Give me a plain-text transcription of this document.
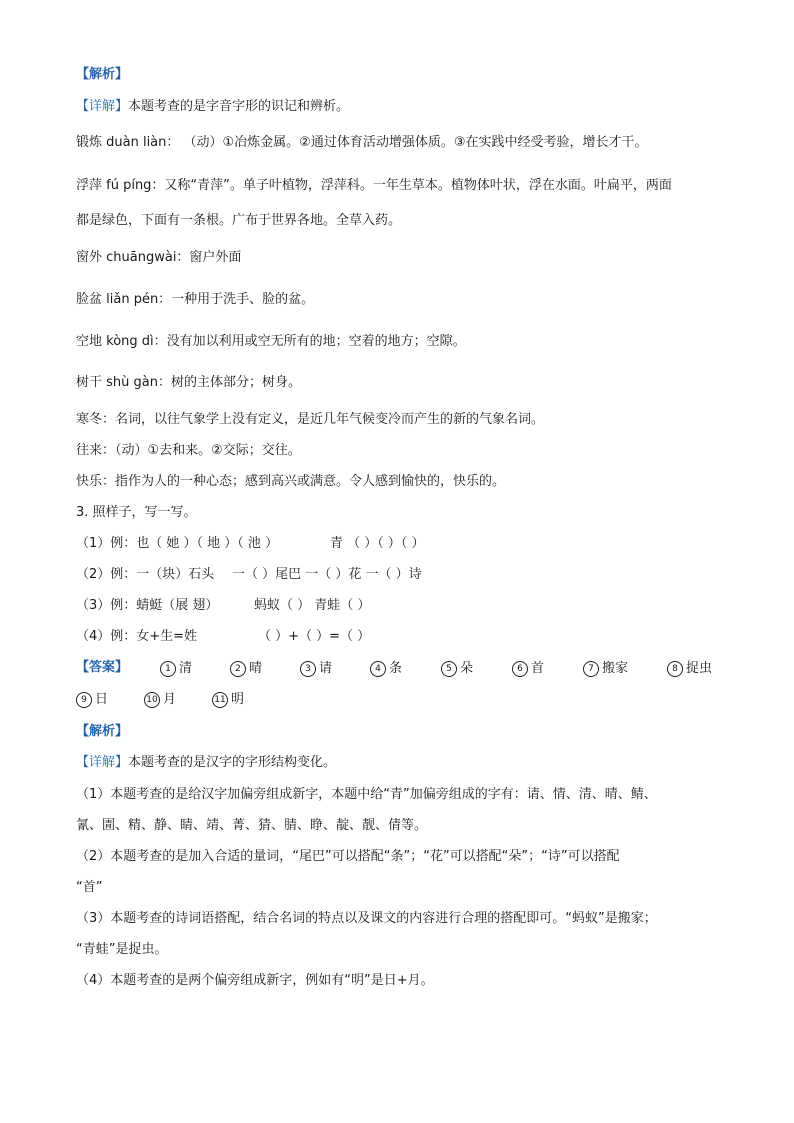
【解析】
【详解】本题考查的是字音字形的识记和辨析。
锻炼 duàn liàn： （动）①冶炼金属。②通过体育活动增强体质。③在实践中经受考验，增长才干。
浮萍 fú píng：又称“青萍”。单子叶植物，浮萍科。一年生草本。植物体叶状，浮在水面。叶扁平，两面
都是绿色，下面有一条根。广布于世界各地。全草入药。
窗外 chuāngwài：窗户外面
脸盆 liǎn pén：一种用于洗手、脸的盆。
空地 kòng dì：没有加以利用或空无所有的地；空着的地方；空隙。
树干 shù gàn：树的主体部分；树身。
寒冬：名词，以往气象学上没有定义，是近几年气候变冷而产生的新的气象名词。
往来：（动）①去和来。②交际；交往。
快乐：指作为人的一种心态；感到高兴或满意。令人感到愉快的，快乐的。
3. 照样子，写一写。
（1）例：也（ 她 ）（ 地 ）（ 池 ）	青 （ ）（ ）（ ）
（2）例：一（块）石头 一（ ）尾巴 一（ ）花 一（ ）诗
（3）例：蜻蜓（展 翅）	蚂蚁（ ） 青蛙（ ）
（4）例：女+生=姓	（ ）+（ ）=（ ）
【答案】	1 清	2 晴	3 请	4 条	5 朵	6 首	7 搬家	8 捉虫
9 日	10 月	11 明
【解析】
【详解】本题考查的是汉字的字形结构变化。
（1）本题考查的是给汉字加偏旁组成新字，本题中给“青”加偏旁组成的字有：请、情、清、晴、鲭、
氰、圊、精、静、睛、靖、菁、猜、腈、睁、靛、靓、倩等。
（2）本题考查的是加入合适的量词，“尾巴”可以搭配“条”；“花”可以搭配“朵”；“诗”可以搭配
“首”
（3）本题考查的诗词语搭配，结合名词的特点以及课文的内容进行合理的搭配即可。“蚂蚁”是搬家；
“青蛙”是捉虫。
（4）本题考查的是两个偏旁组成新字，例如有“明”是日+月。
